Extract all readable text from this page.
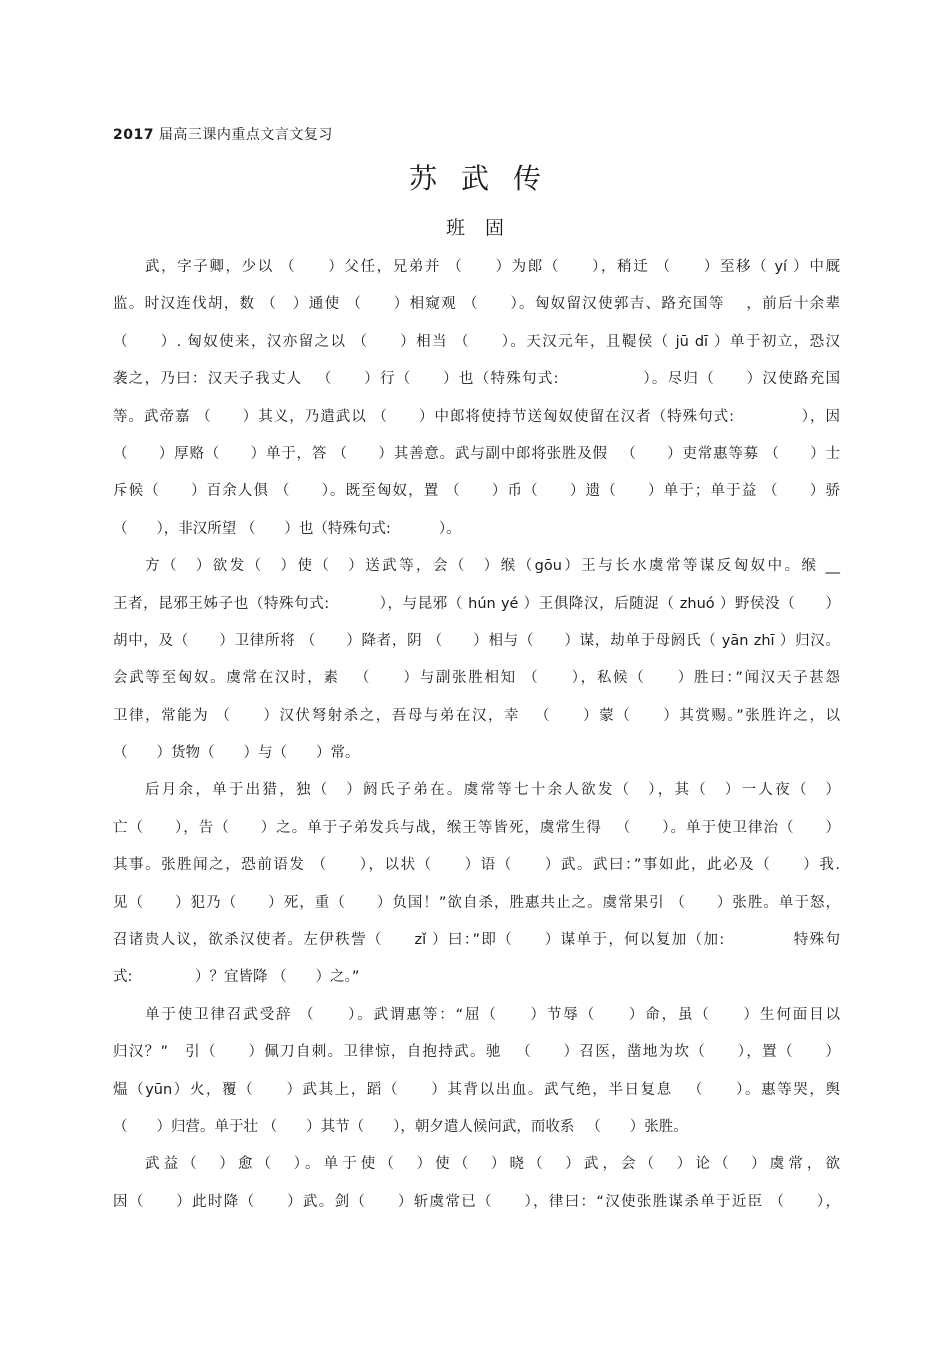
2017 届高三课内重点文言文复习
苏武传
班固
武，字子卿，少以 （　　）父任，兄弟并 （　　）为郎（　　），稍迁 （　　）至移（ yí ）中厩
监。时汉连伐胡，数 （　）通使 （　　）相窥观 （　　）。匈奴留汉使郭吉、路充国等 　，前后十余辈
（　　）. 匈奴使来，汉亦留之以 （　　）相当 （　　）。天汉元年，且鞮侯（ jū dī ）单于初立，恐汉
袭之，乃曰：汉天子我丈人 　（　　）行（　　）也（特殊句式: 　　　　　）。尽归（　　）汉使路充国
等。武帝嘉 （　　）其义，乃遣武以 （　　）中郎将使持节送匈奴使留在汉者（特殊句式: 　　　　），因
（　　）厚赂（　　）单于，答 （　　）其善意。武与副中郎将张胜及假 　（　　）吏常惠等募 （　　）士
斥候（　　）百余人俱 （　　）。既至匈奴，置 （　　）币（　　）遗（　　）单于；单于益 （　　）骄
（　　），非汉所望 （　　）也（特殊句式: 　　　）。
方（　）欲发（　）使（　）送武等，会（　）缑（gōu）王与长水虞常等谋反匈奴中。缑 __
王者，昆邪王姊子也（特殊句式: 　　　），与昆邪（ hún yé ）王俱降汉，后随浞（ zhuó ）野侯没（　　）
胡中，及（　　）卫律所将 （　　）降者，阴 （　　）相与（　　）谋，劫单于母阏氏（ yān zhī ）归汉。
会武等至匈奴。虞常在汉时，素 　（　　）与副张胜相知 （　　），私候（　　）胜曰：”闻汉天子甚怨
卫律，常能为 （　　）汉伏弩射杀之，吾母与弟在汉，幸 　（　　）蒙（　　）其赏赐。”张胜许之，以
（　　）货物（　　）与（　　）常。
后月余，单于出猎，独（　）阏氏子弟在。虞常等七十余人欲发（　），其（　）一人夜（　）
亡（　　），告（　　）之。单于子弟发兵与战，缑王等皆死，虞常生得 　（　　）。单于使卫律治（　　）
其事。张胜闻之，恐前语发 （　　），以状（　　）语（　　）武。武曰：”事如此，此必及（　　）我.
见（　　）犯乃（　　）死，重（　　）负国！”欲自杀，胜惠共止之。虞常果引 （　　）张胜。单于怒，
召诸贵人议，欲杀汉使者。左伊秩訾（　　zǐ ）曰：”即（　　）谋单于，何以复加（加: 　　　　特殊句
式: 　　　　）？宜皆降 （　　）之。”
单于使卫律召武受辞 （　　）。武谓惠等：“屈（　　）节辱（　　）命，虽（　　）生何面目以
归汉？”　引（　　）佩刀自刺。卫律惊，自抱持武。驰 　（　　）召医，凿地为坎（　　），置（　　）
煴（yūn）火，覆（　　）武其上，蹈（　　）其背以出血。武气绝，半日复息 　（　　）。惠等哭，舆
（　　）归营。单于壮 （　　）其节（　　），朝夕遣人候问武，而收系 　（　　）张胜。
武益（　）愈（　）。单于使（　）使（　）晓（　）武，会（　）论（　）虞常，欲
因（　　）此时降（　　）武。剑（　　）斩虞常已（　　），律曰：“汉使张胜谋杀单于近臣 （　　），
